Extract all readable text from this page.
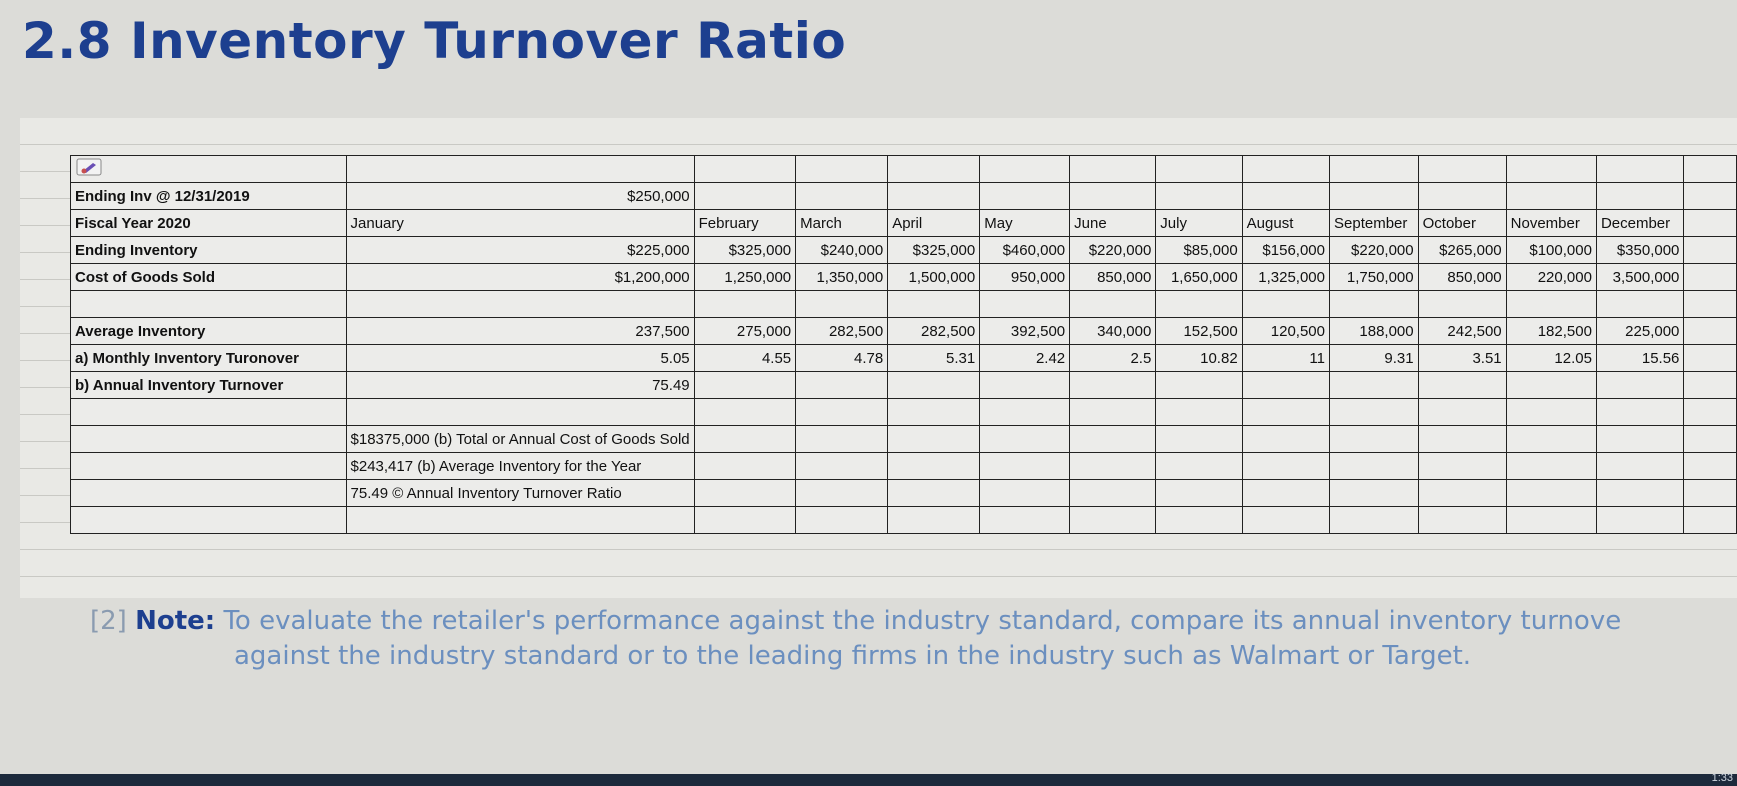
2.8 Inventory Turnover Ratio

Ending Inv @ 12/31/2019	$250,000												
Fiscal Year 2020	January	February	March	April	May	June	July	August	September	October	November	December	
Ending Inventory	$225,000	$325,000	$240,000	$325,000	$460,000	$220,000	$85,000	$156,000	$220,000	$265,000	$100,000	$350,000	
Cost of Goods Sold	$1,200,000	1,250,000	1,350,000	1,500,000	950,000	850,000	1,650,000	1,325,000	1,750,000	850,000	220,000	3,500,000	

Average Inventory	237,500	275,000	282,500	282,500	392,500	340,000	152,500	120,500	188,000	242,500	182,500	225,000	
a) Monthly Inventory Turonover	5.05	4.55	4.78	5.31	2.42	2.5	10.82	11	9.31	3.51	12.05	15.56	
b) Annual Inventory Turnover	75.49												

	$18375,000 (b) Total or Annual Cost of Goods Sold												
	$243,417 (b) Average Inventory for the Year												
	75.49 © Annual Inventory Turnover Ratio												

[2] Note: To evaluate the retailer's performance against the industry standard, compare its annual inventory turnove
against the industry standard or to the leading firms in the industry such as Walmart or Target.
1:33
